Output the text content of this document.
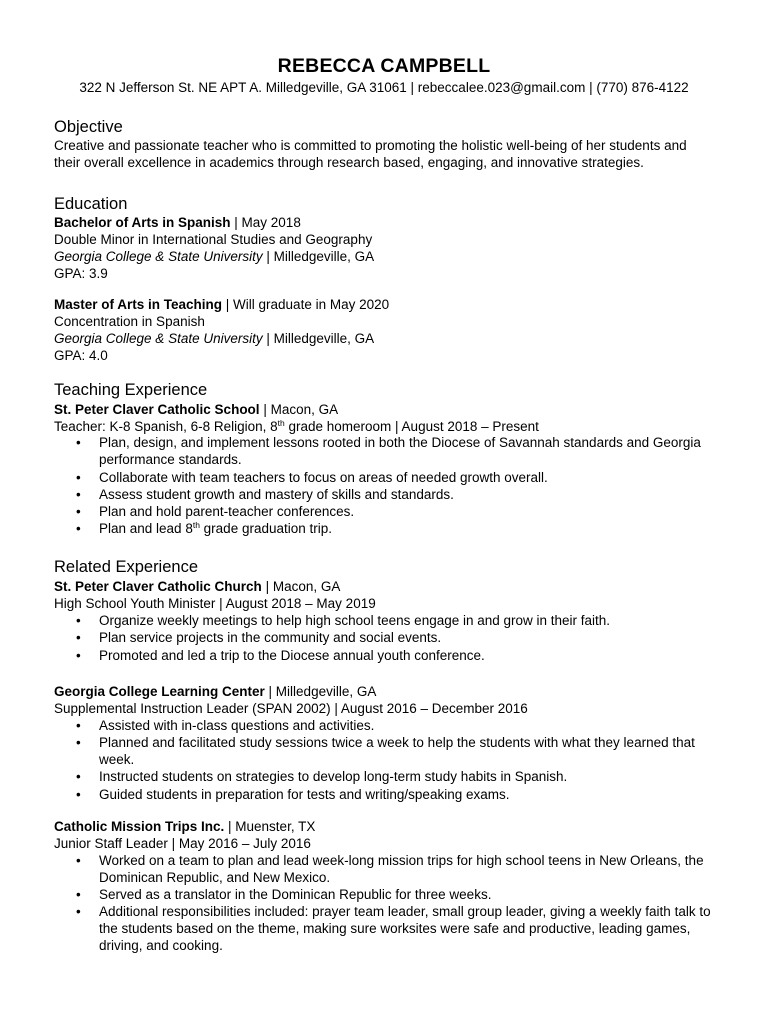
REBECCA CAMPBELL
322 N Jefferson St. NE APT A. Milledgeville, GA 31061 | rebeccalee.023@gmail.com | (770) 876-4122
Objective
Creative and passionate teacher who is committed to promoting the holistic well-being of her students and
their overall excellence in academics through research based, engaging, and innovative strategies.
Education
Bachelor of Arts in Spanish | May 2018
Double Minor in International Studies and Geography
Georgia College & State University | Milledgeville, GA
GPA: 3.9
Master of Arts in Teaching | Will graduate in May 2020
Concentration in Spanish
Georgia College & State University | Milledgeville, GA
GPA: 4.0
Teaching Experience
St. Peter Claver Catholic School | Macon, GA
Teacher: K-8 Spanish, 6-8 Religion, 8th grade homeroom | August 2018 – Present
• Plan, design, and implement lessons rooted in both the Diocese of Savannah standards and Georgia performance standards.
• Collaborate with team teachers to focus on areas of needed growth overall.
• Assess student growth and mastery of skills and standards.
• Plan and hold parent-teacher conferences.
• Plan and lead 8th grade graduation trip.
Related Experience
St. Peter Claver Catholic Church | Macon, GA
High School Youth Minister | August 2018 – May 2019
• Organize weekly meetings to help high school teens engage in and grow in their faith.
• Plan service projects in the community and social events.
• Promoted and led a trip to the Diocese annual youth conference.
Georgia College Learning Center | Milledgeville, GA
Supplemental Instruction Leader (SPAN 2002) | August 2016 – December 2016
• Assisted with in-class questions and activities.
• Planned and facilitated study sessions twice a week to help the students with what they learned that week.
• Instructed students on strategies to develop long-term study habits in Spanish.
• Guided students in preparation for tests and writing/speaking exams.
Catholic Mission Trips Inc. | Muenster, TX
Junior Staff Leader | May 2016 – July 2016
• Worked on a team to plan and lead week-long mission trips for high school teens in New Orleans, the Dominican Republic, and New Mexico.
• Served as a translator in the Dominican Republic for three weeks.
• Additional responsibilities included: prayer team leader, small group leader, giving a weekly faith talk to the students based on the theme, making sure worksites were safe and productive, leading games, driving, and cooking.
